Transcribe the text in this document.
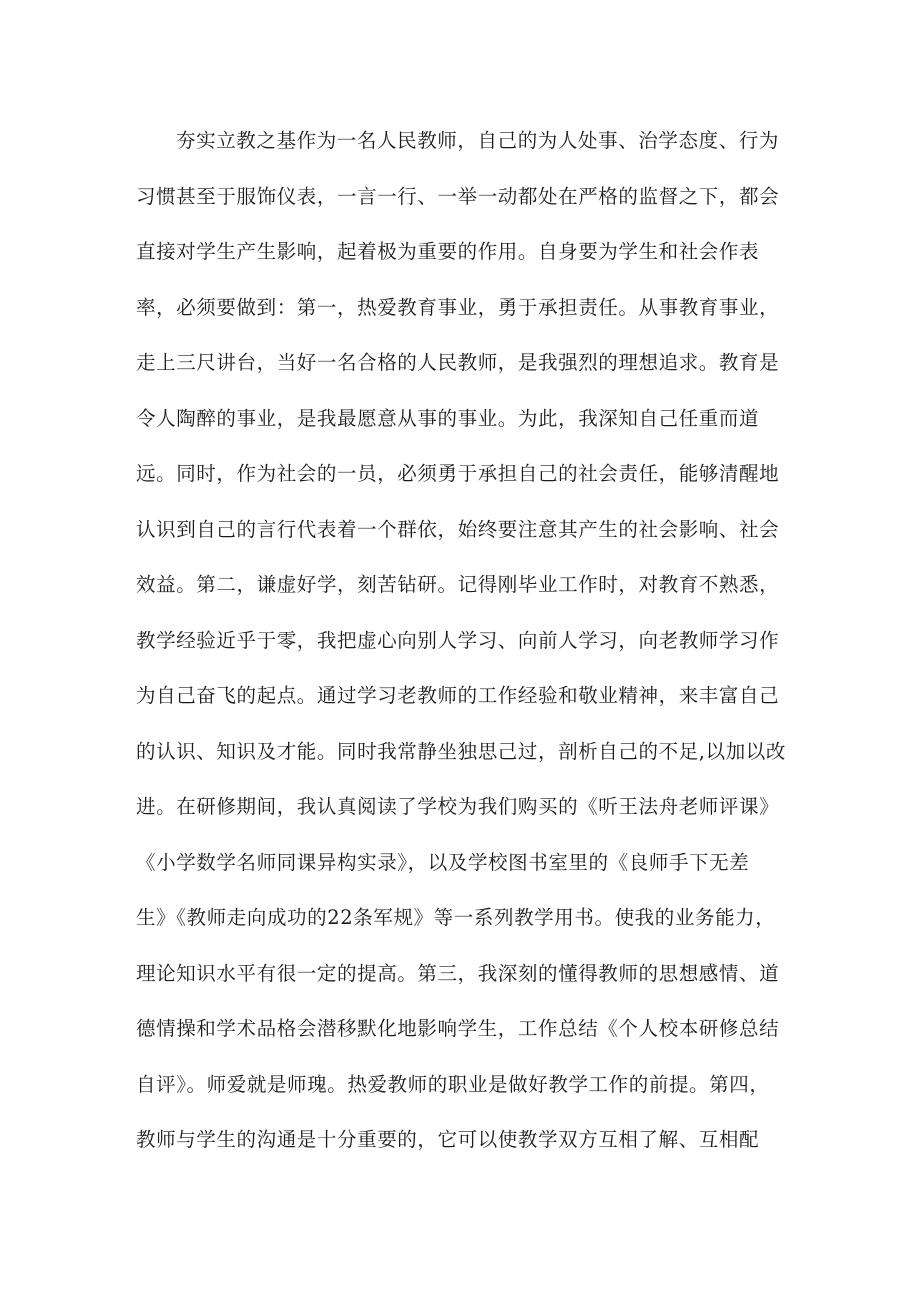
夯实立教之基作为一名人民教师，自己的为人处事、治学态度、行为
习惯甚至于服饰仪表，一言一行、一举一动都处在严格的监督之下，都会
直接对学生产生影响，起着极为重要的作用。自身要为学生和社会作表
率，必须要做到：第一，热爱教育事业，勇于承担责任。从事教育事业，
走上三尺讲台，当好一名合格的人民教师，是我强烈的理想追求。教育是
令人陶醉的事业，是我最愿意从事的事业。为此，我深知自己任重而道
远。同时，作为社会的一员，必须勇于承担自己的社会责任，能够清醒地
认识到自己的言行代表着一个群依，始终要注意其产生的社会影响、社会
效益。第二，谦虚好学，刻苦钻研。记得刚毕业工作时，对教育不熟悉，
教学经验近乎于零，我把虚心向别人学习、向前人学习，向老教师学习作
为自己奋飞的起点。通过学习老教师的工作经验和敬业精神，来丰富自己
的认识、知识及才能。同时我常静坐独思己过，剖析自己的不足,以加以改
进。在研修期间，我认真阅读了学校为我们购买的《听王法舟老师评课》
《小学数学名师同课异构实录》，以及学校图书室里的《良师手下无差
生》《教师走向成功的22条军规》等一系列教学用书。使我的业务能力，
理论知识水平有很一定的提高。第三，我深刻的懂得教师的思想感情、道
德情操和学术品格会潜移默化地影响学生，工作总结《个人校本研修总结
自评》。师爱就是师瑰。热爱教师的职业是做好教学工作的前提。第四，
教师与学生的沟通是十分重要的，它可以使教学双方互相了解、互相配
